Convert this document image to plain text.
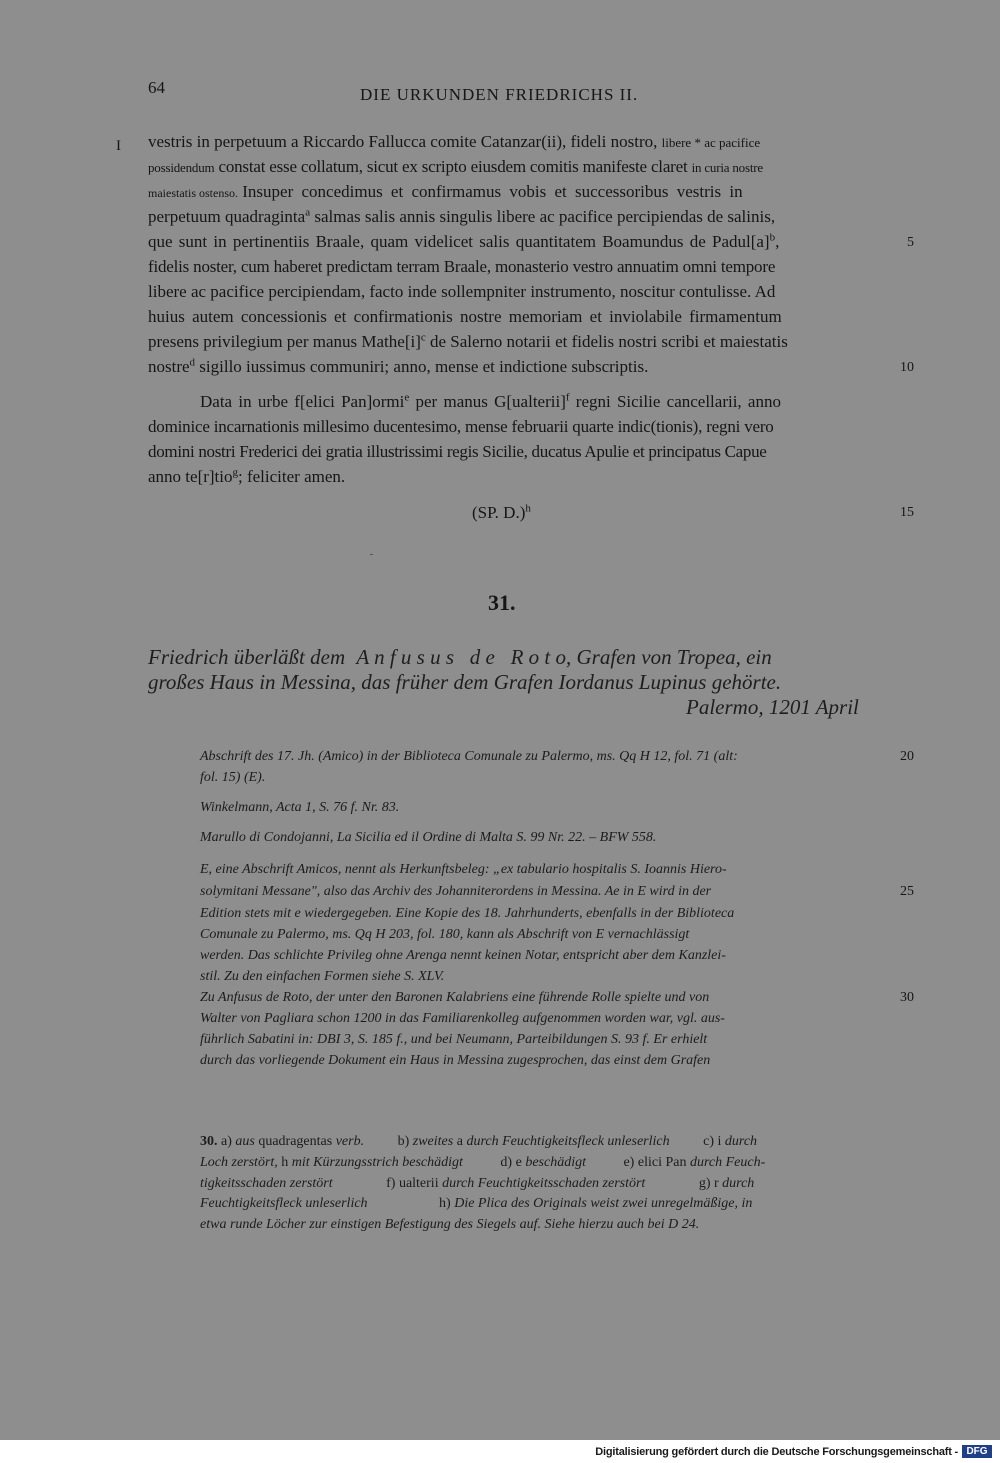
64	DIE URKUNDEN FRIEDRICHS II.
I vestris in perpetuum a Riccardo Fallucca comite Catanzar(ii), fideli nostro, libere * ac pacifice
possidendum constat esse collatum, sicut ex scripto eiusdem comitis manifeste claret in curia nostre
maiestatis ostenso. Insuper concedimus et confirmamus vobis et successoribus vestris in
perpetuum quadraginta$^a$ salmas salis annis singulis libere ac pacifice percipiendas de salinis,
que sunt in pertinentiis Braale, quam videlicet salis quantitatem Boamundus de $Padul[a]^b$,
fidelis noster, cum haberet predictam terram Braale, monasterio vestro annuatim omni tempore
libere ac pacifice percipiendam, facto inde sollempniter instrumento, noscitur contulisse. Ad
huius autem concessionis et confirmationis nostre memoriam et inviolabile firmamentum
presens privilegium per manus $Mathe[i]^c$ de Salerno notarii et fidelis nostri scribi et maiestatis
nostre$^d$ sigillo iussimus communiri; anno, mense et indictione subscriptis.
Data in urbe f[elici Pan]ormi$^e$ per manus G[ualterii]$^f$ regni Sicilie cancellarii, anno
dominice incarnationis millesimo ducentesimo, mense februarii quarte indic(tionis), regni vero
domini nostri Frederici dei gratia illustrissimi regis Sicilie, ducatus Apulie et principatus Capue
anno te[r]tio$^g$; feliciter amen.
(SP. D.)$^h$
5
10
15
20
25
30
31.
Friedrich überläßt dem A n f u s u s   d e   R o t o, Grafen von Tropea, ein
großes Haus in Messina, das früher dem Grafen Iordanus Lupinus gehörte.
Palermo, 1201 April
Abschrift des 17. Jh. (Amico) in der Biblioteca Comunale zu Palermo, ms. Qq H 12, fol. 71 (alt:
fol. 15) (E).
Winkelmann, Acta 1, S. 76 f. Nr. 83.
Marullo di Condojanni, La Sicilia ed il Ordine di Malta S. 99 Nr. 22. – BFW 558.
E, eine Abschrift Amicos, nennt als Herkunftsbeleg: „ex tabulario hospitalis S. Ioannis Hiero-
solymitani Messane", also das Archiv des Johanniterordens in Messina. Ae in E wird in der
Edition stets mit e wiedergegeben. Eine Kopie des 18. Jahrhunderts, ebenfalls in der Biblioteca
Comunale zu Palermo, ms. Qq H 203, fol. 180, kann als Abschrift von E vernachlässigt
werden. Das schlichte Privileg ohne Arenga nennt keinen Notar, entspricht aber dem Kanzlei-
stil. Zu den einfachen Formen siehe S. XLV.
Zu Anfusus de Roto, der unter den Baronen Kalabriens eine führende Rolle spielte und von
Walter von Pagliara schon 1200 in das Familiarenkolleg aufgenommen worden war, vgl. aus-
führlich Sabatini in: DBI 3, S. 185 f., und bei Neumann, Parteibildungen S. 93 f. Er erhielt
durch das vorliegende Dokument ein Haus in Messina zugesprochen, das einst dem Grafen
30. a) aus quadragentas verb. b) zweites a durch Feuchtigkeitsfleck unleserlich c) i durch
Loch zerstört, h mit Kürzungsstrich beschädigt	d) e beschädigt	e) elici Pan durch Feuch-
tigkeitsschaden zerstört	f) ualterii durch Feuchtigkeitsschaden zerstört	g) r durch
Feuchtigkeitsfleck unleserlich	h) Die Plica des Originals weist zwei unregelmäßige, in
etwa runde Löcher zur einstigen Befestigung des Siegels auf. Siehe hierzu auch bei D 24.
Digitalisierung gefördert durch die Deutsche Forschungsgemeinschaft - DFG
